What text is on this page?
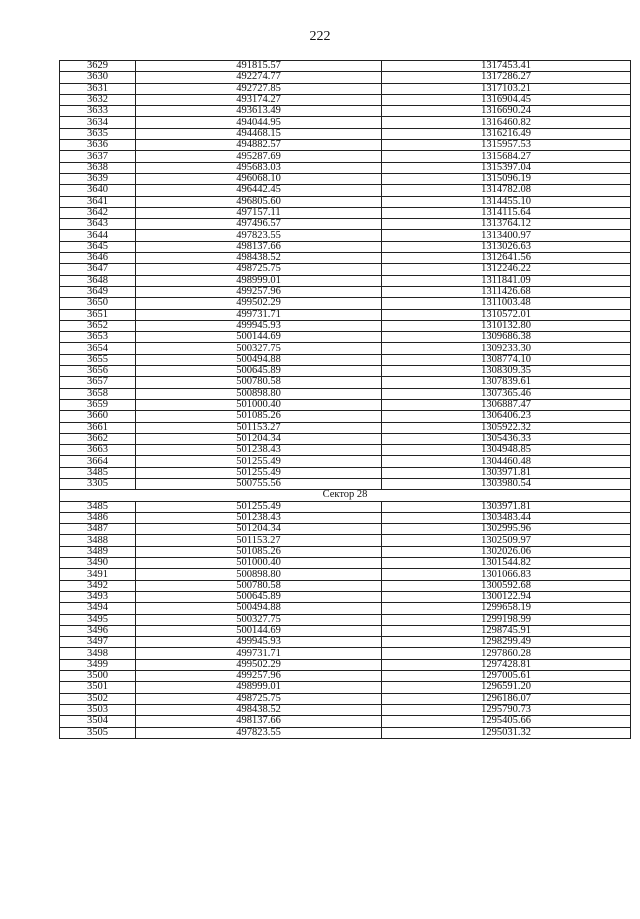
222
3629	491815.57	1317453.41
3630	492274.77	1317286.27
3631	492727.85	1317103.21
3632	493174.27	1316904.45
3633	493613.49	1316690.24
3634	494044.95	1316460.82
3635	494468.15	1316216.49
3636	494882.57	1315957.53
3637	495287.69	1315684.27
3638	495683.03	1315397.04
3639	496068.10	1315096.19
3640	496442.45	1314782.08
3641	496805.60	1314455.10
3642	497157.11	1314115.64
3643	497496.57	1313764.12
3644	497823.55	1313400.97
3645	498137.66	1313026.63
3646	498438.52	1312641.56
3647	498725.75	1312246.22
3648	498999.01	1311841.09
3649	499257.96	1311426.68
3650	499502.29	1311003.48
3651	499731.71	1310572.01
3652	499945.93	1310132.80
3653	500144.69	1309686.38
3654	500327.75	1309233.30
3655	500494.88	1308774.10
3656	500645.89	1308309.35
3657	500780.58	1307839.61
3658	500898.80	1307365.46
3659	501000.40	1306887.47
3660	501085.26	1306406.23
3661	501153.27	1305922.32
3662	501204.34	1305436.33
3663	501238.43	1304948.85
3664	501255.49	1304460.48
3485	501255.49	1303971.81
3305	500755.56	1303980.54
Сектор 28		
3485	501255.49	1303971.81
3486	501238.43	1303483.44
3487	501204.34	1302995.96
3488	501153.27	1302509.97
3489	501085.26	1302026.06
3490	501000.40	1301544.82
3491	500898.80	1301066.83
3492	500780.58	1300592.68
3493	500645.89	1300122.94
3494	500494.88	1299658.19
3495	500327.75	1299198.99
3496	500144.69	1298745.91
3497	499945.93	1298299.49
3498	499731.71	1297860.28
3499	499502.29	1297428.81
3500	499257.96	1297005.61
3501	498999.01	1296591.20
3502	498725.75	1296186.07
3503	498438.52	1295790.73
3504	498137.66	1295405.66
3505	497823.55	1295031.32
